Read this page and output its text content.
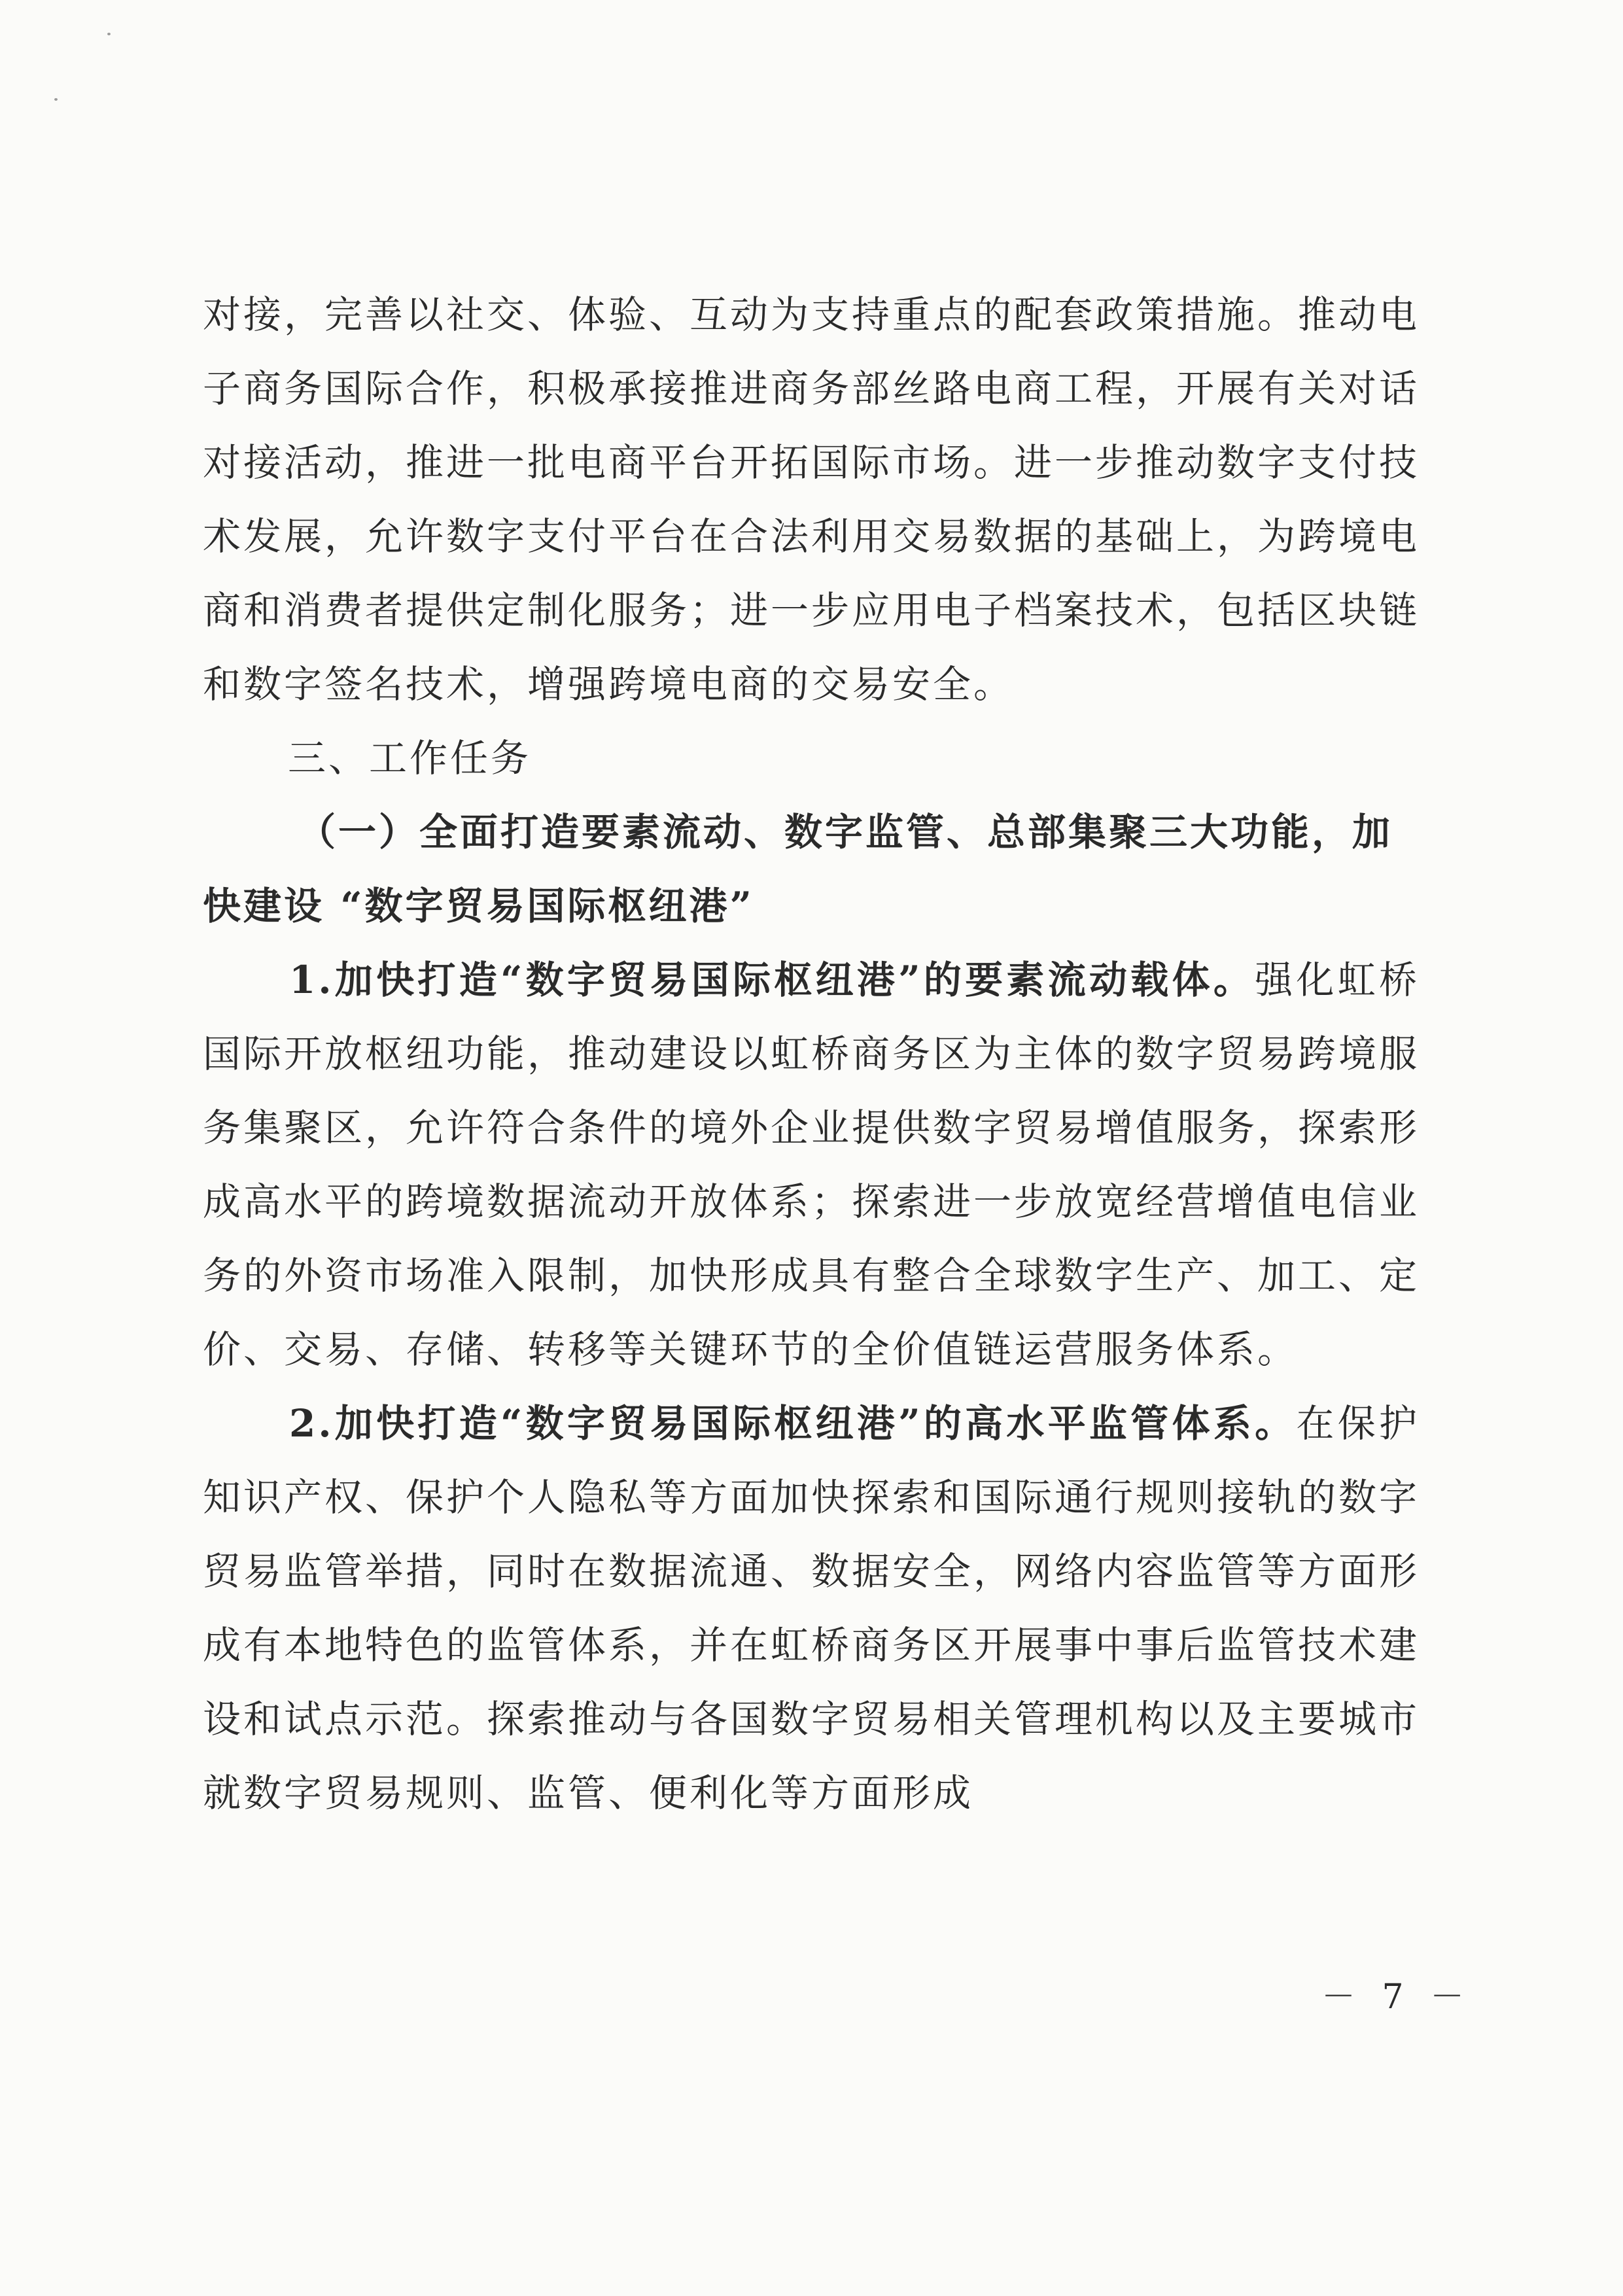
对接，完善以社交、体验、互动为支持重点的配套政策措施。推动电子商务国际合作，积极承接推进商务部丝路电商工程，开展有关对话对接活动，推进一批电商平台开拓国际市场。进一步推动数字支付技术发展，允许数字支付平台在合法利用交易数据的基础上，为跨境电商和消费者提供定制化服务；进一步应用电子档案技术，包括区块链和数字签名技术，增强跨境电商的交易安全。

三、工作任务

（一）全面打造要素流动、数字监管、总部集聚三大功能，加快建设 “数字贸易国际枢纽港”

1.加快打造“数字贸易国际枢纽港”的要素流动载体。强化虹桥国际开放枢纽功能，推动建设以虹桥商务区为主体的数字贸易跨境服务集聚区，允许符合条件的境外企业提供数字贸易增值服务，探索形成高水平的跨境数据流动开放体系；探索进一步放宽经营增值电信业务的外资市场准入限制，加快形成具有整合全球数字生产、加工、定价、交易、存储、转移等关键环节的全价值链运营服务体系。

2.加快打造“数字贸易国际枢纽港”的高水平监管体系。在保护知识产权、保护个人隐私等方面加快探索和国际通行规则接轨的数字贸易监管举措，同时在数据流通、数据安全，网络内容监管等方面形成有本地特色的监管体系，并在虹桥商务区开展事中事后监管技术建设和试点示范。探索推动与各国数字贸易相关管理机构以及主要城市就数字贸易规则、监管、便利化等方面形成

－ 7 －
